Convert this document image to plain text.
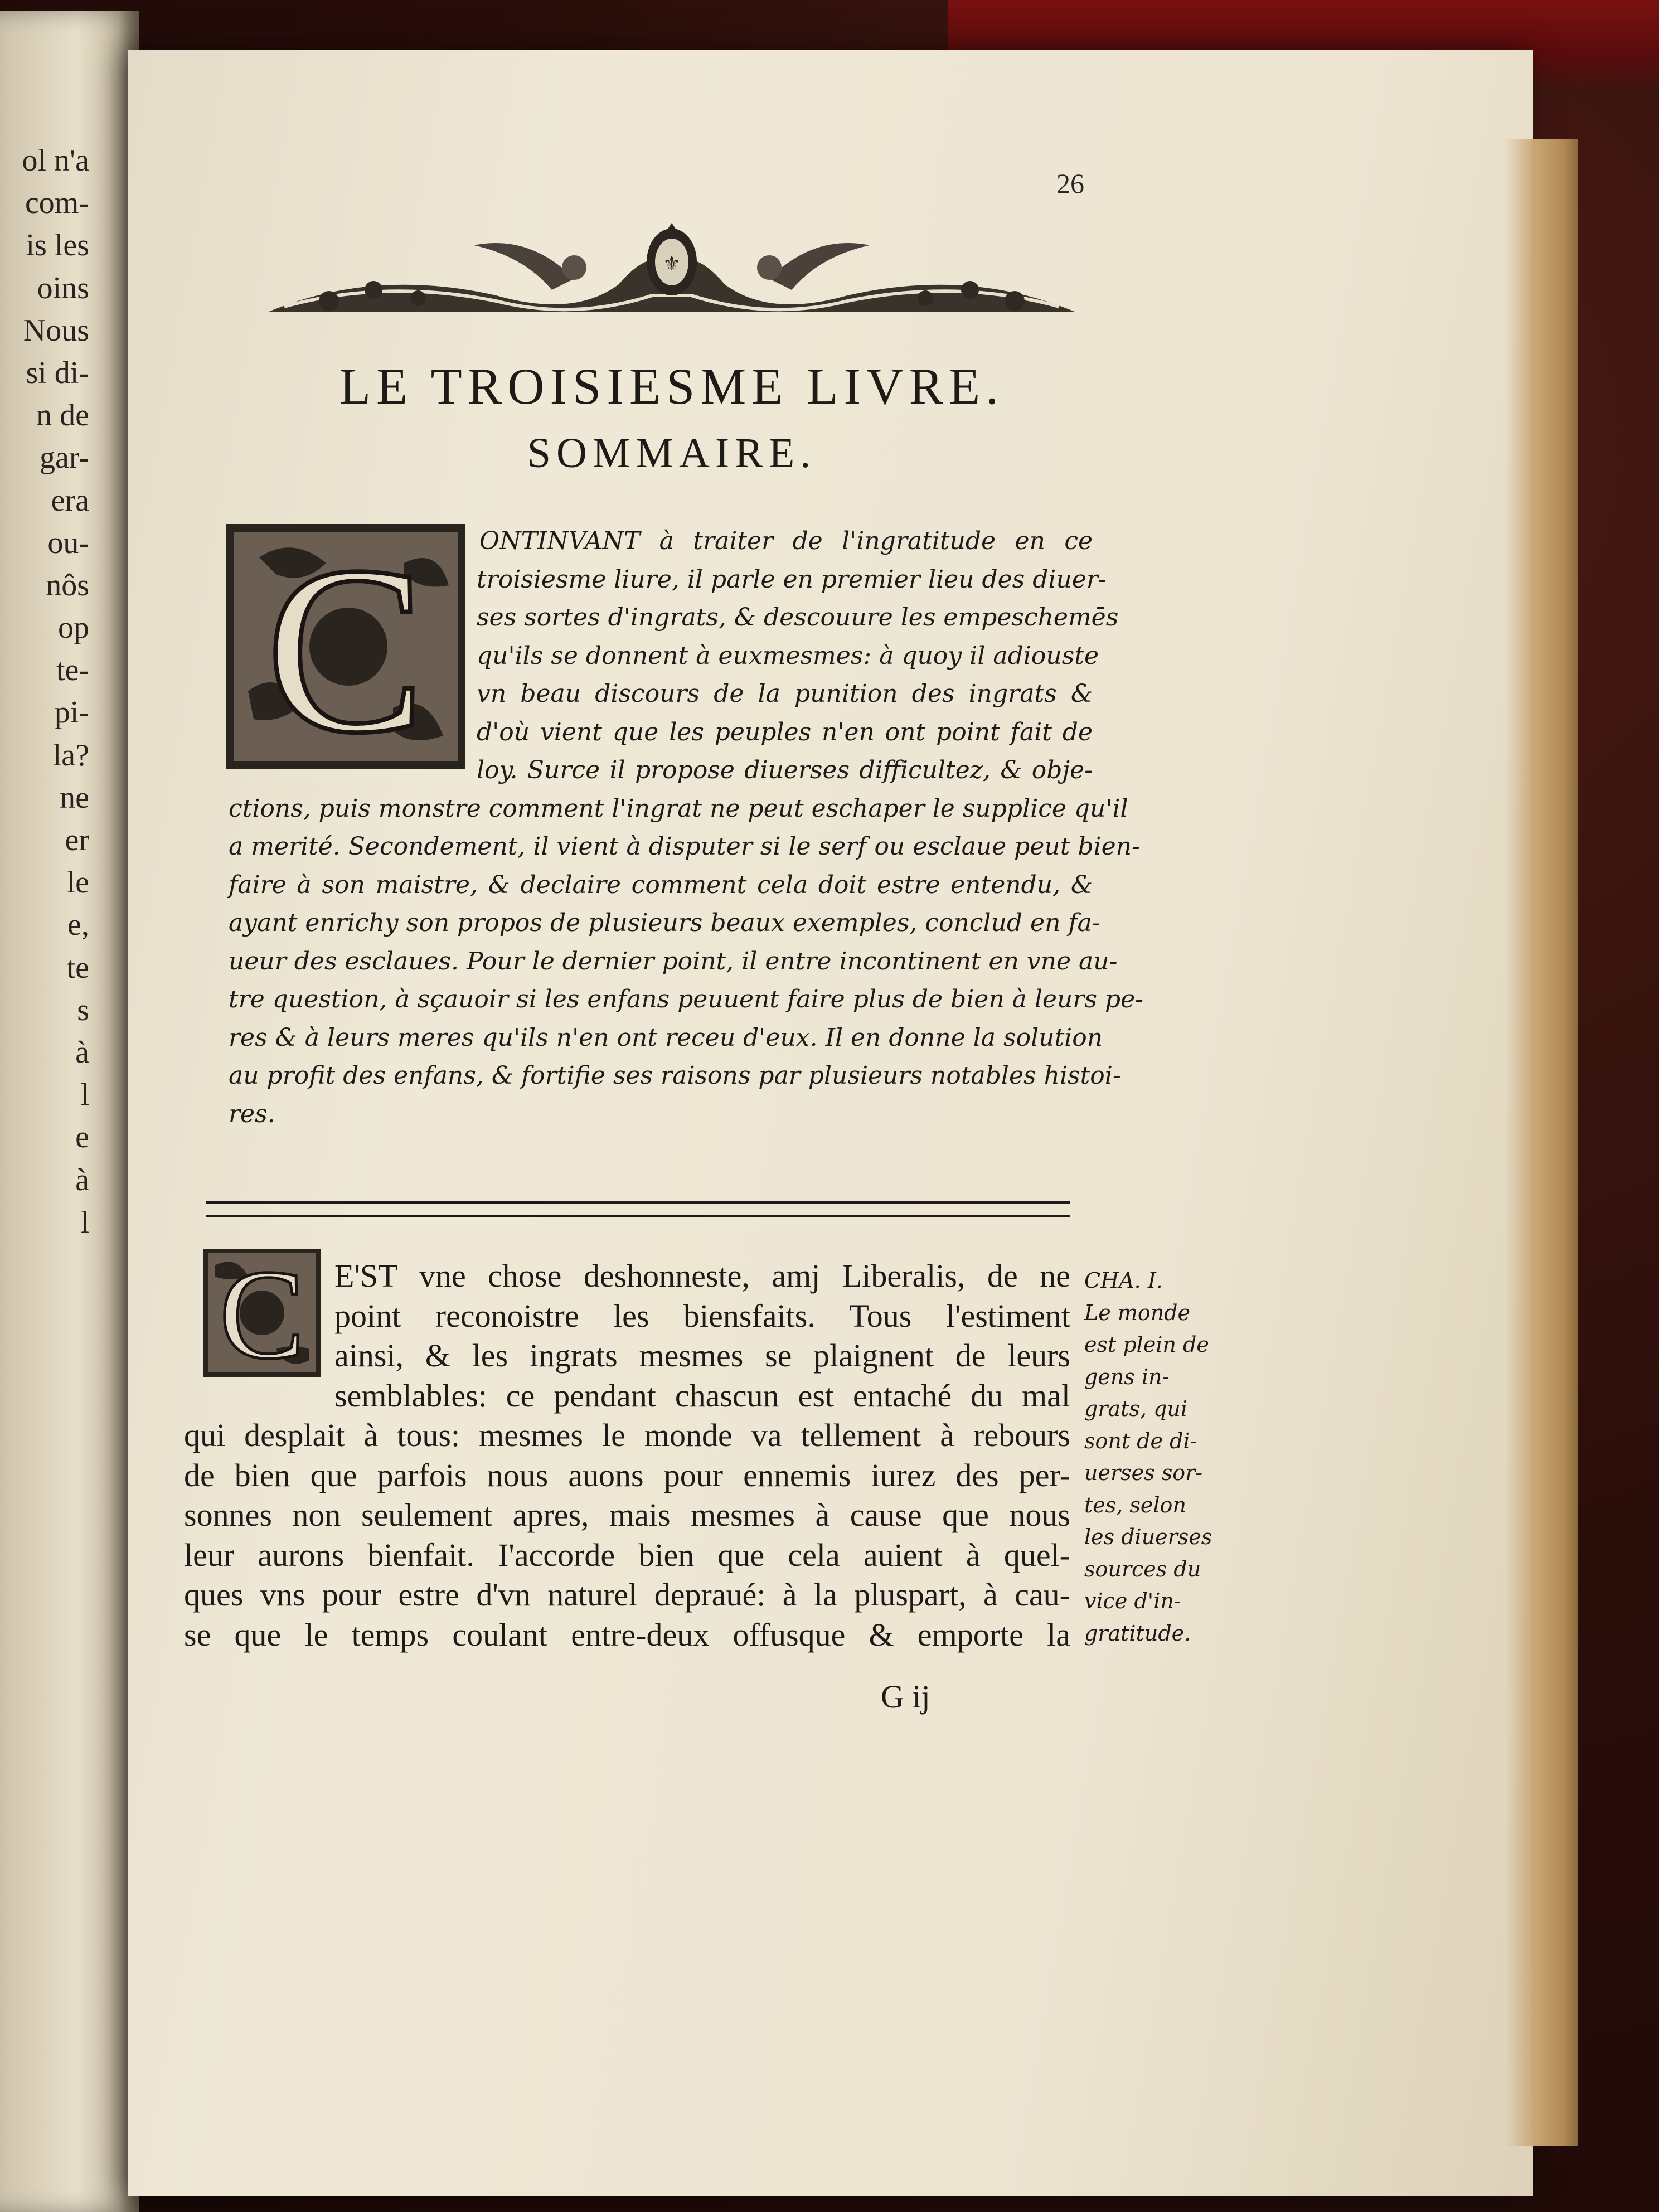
ol n'a
com-
is les
oins
Nous
si di-
n de
gar-
era
ou-
nôs
op
te-
pi-
la?
ne
er
le
e,
te
s
à
l
e
à
l
26
⚜
LE TROISIESME LIVRE.
SOMMAIRE.
C
C
ONTINVANT à traiter de l'ingratitude en ce
troisiesme liure, il parle en premier lieu des diuer-
ses sortes d'ingrats, & descouure les empeschemēs
qu'ils se donnent à euxmesmes: à quoy il adiouste
vn beau discours de la punition des ingrats &
d'où vient que les peuples n'en ont point fait de
loy. Surce il propose diuerses difficultez, & obje-
ctions, puis monstre comment l'ingrat ne peut eschaper le supplice qu'il
a merité. Secondement, il vient à disputer si le serf ou esclaue peut bien-
faire à son maistre, & declaire comment cela doit estre entendu, &
ayant enrichy son propos de plusieurs beaux exemples, conclud en fa-
ueur des esclaues. Pour le dernier point, il entre incontinent en vne au-
tre question, à sçauoir si les enfans peuuent faire plus de bien à leurs pe-
res & à leurs meres qu'ils n'en ont receu d'eux. Il en donne la solution
au profit des enfans, & fortifie ses raisons par plusieurs notables histoi-
res.
E'ST vne chose deshonneste, amj Liberalis, de ne
point reconoistre les biensfaits. Tous l'estiment
ainsi, & les ingrats mesmes se plaignent de leurs
semblables: ce pendant chascun est entaché du mal
qui desplait à tous: mesmes le monde va tellement à rebours
de bien que parfois nous auons pour ennemis iurez des per-
sonnes non seulement apres, mais mesmes à cause que nous
leur aurons bienfait. I'accorde bien que cela auient à quel-
ques vns pour estre d'vn naturel depraué: à la pluspart, à cau-
se que le temps coulant entre-deux offusque & emporte la
CHA. I.
Le monde
est plein de
gens in-
grats, qui
sont de di-
uerses sor-
tes, selon
les diuerses
sources du
vice d'in-
gratitude.
G ij
